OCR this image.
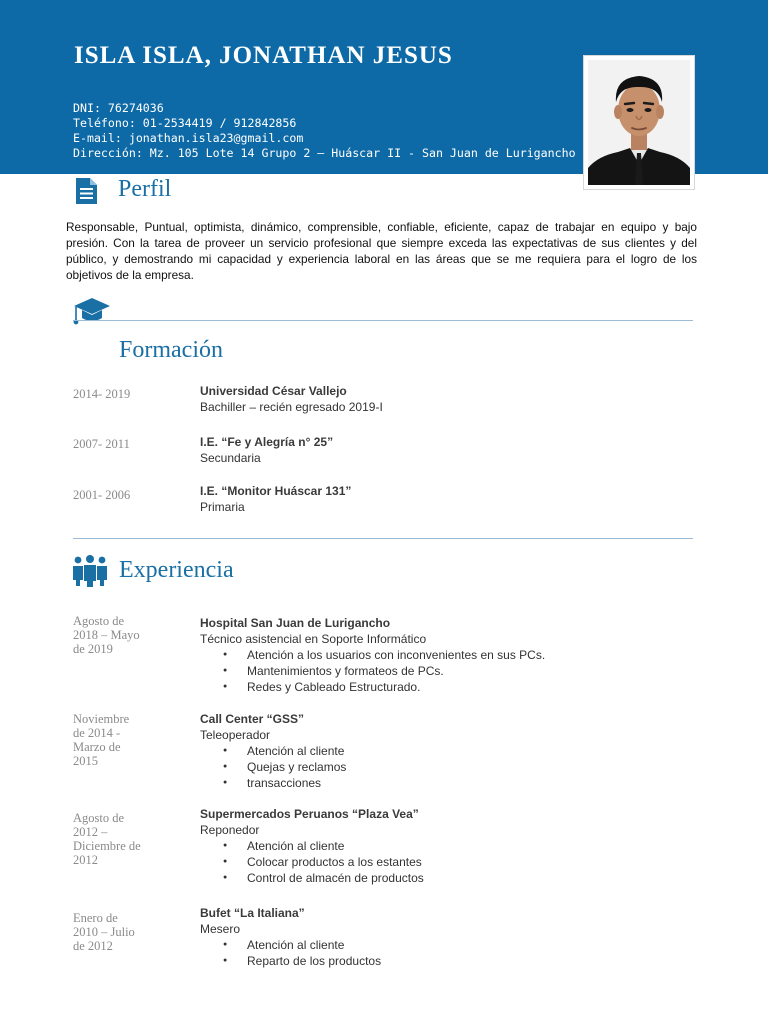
ISLA ISLA, JONATHAN JESUS
DNI: 76274036
Teléfono: 01-2534419 / 912842856
E-mail: jonathan.isla23@gmail.com
Dirección: Mz. 105 Lote 14 Grupo 2 – Huáscar II - San Juan de Lurigancho
Perfil

Responsable, Puntual, optimista, dinámico, comprensible, confiable, eficiente, capaz de trabajar en equipo y bajo presión. Con la tarea de proveer un servicio profesional que siempre exceda las expectativas de sus clientes y del público, y demostrando mi capacidad y experiencia laboral en las áreas que se me requiera para el logro de los objetivos de la empresa.

Formación
2014- 2019	Universidad César Vallejo
Bachiller – recién egresado 2019-I
2007- 2011	I.E. “Fe y Alegría n° 25”
Secundaria
2001- 2006	I.E. “Monitor Huáscar 131”
Primaria
Experiencia
Agosto de
2018 – Mayo
de 2019
Hospital San Juan de Lurigancho
Técnico asistencial en Soporte Informático
● Atención a los usuarios con inconvenientes en sus PCs.
● Mantenimientos y formateos de PCs.
● Redes y Cableado Estructurado.
Noviembre
de 2014 -
Marzo de
2015
Call Center “GSS”
Teleoperador
● Atención al cliente
● Quejas y reclamos
● transacciones
Agosto de
2012 –
Diciembre de
2012
Supermercados Peruanos “Plaza Vea”
Reponedor
● Atención al cliente
● Colocar productos a los estantes
● Control de almacén de productos
Enero de
2010 – Julio
de 2012
Bufet “La Italiana”
Mesero
● Atención al cliente
● Reparto de los productos
